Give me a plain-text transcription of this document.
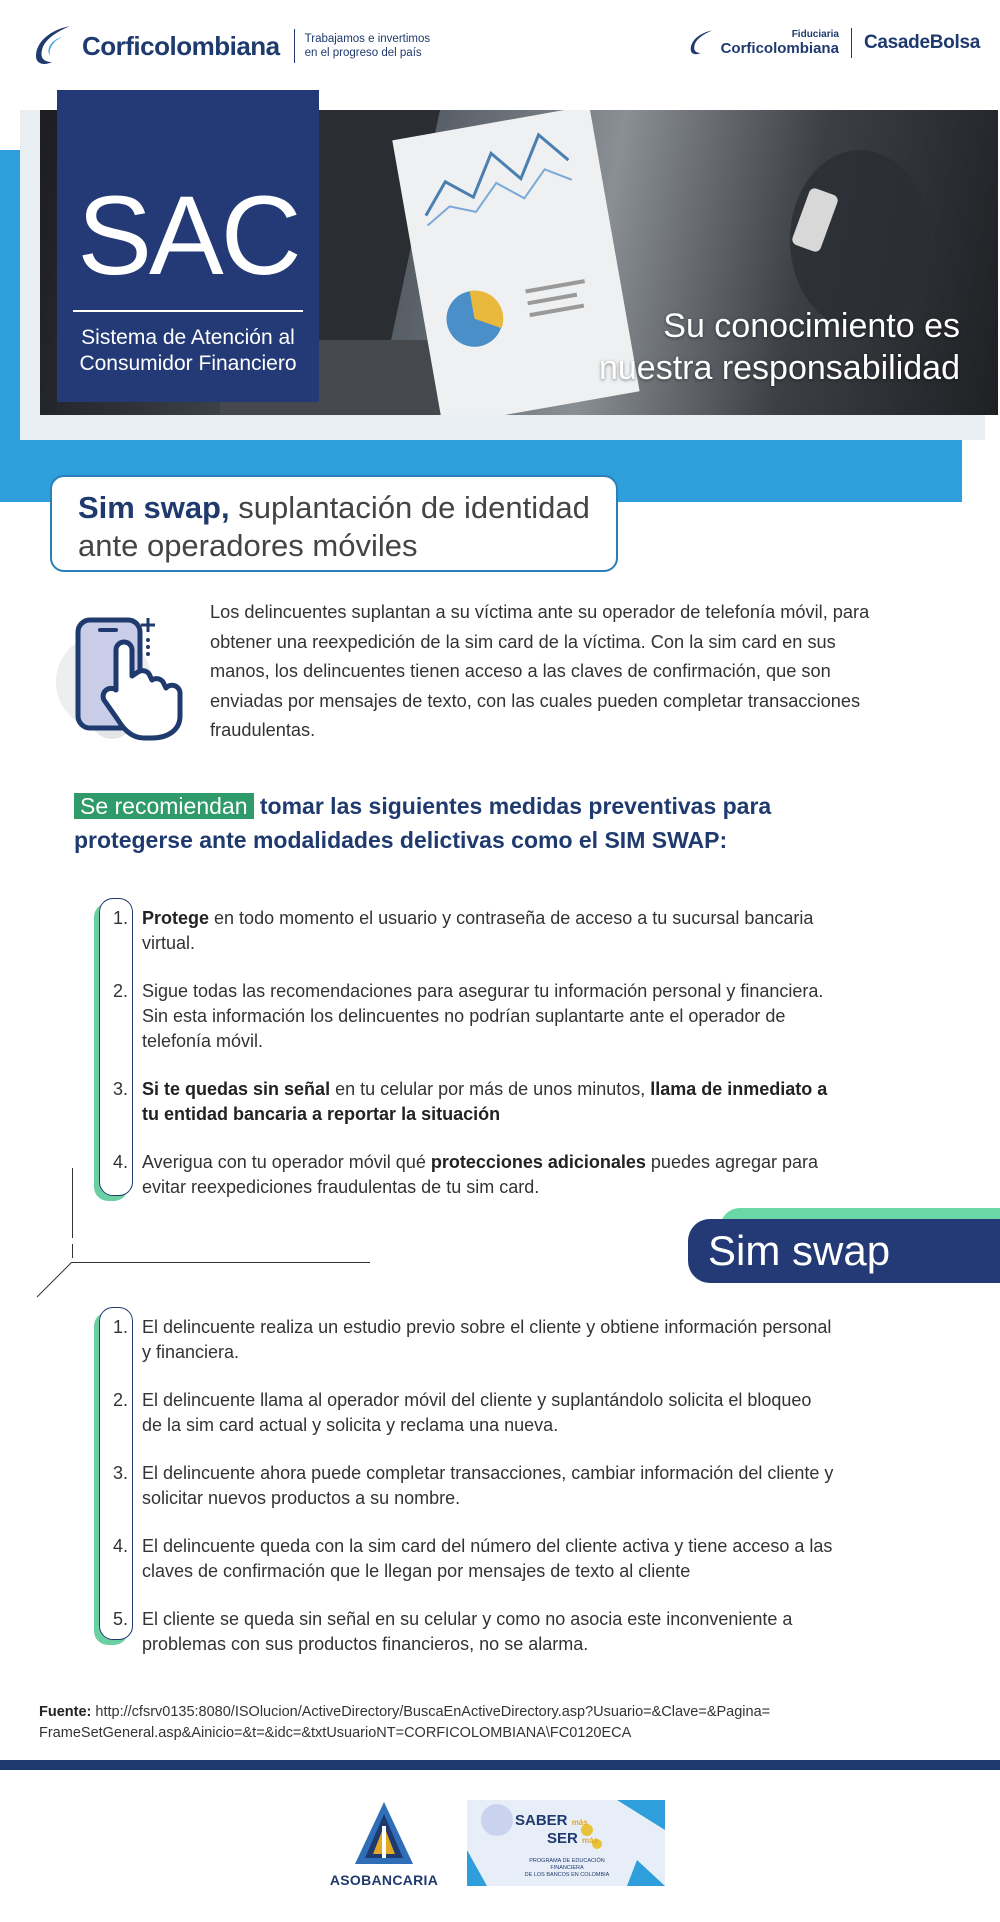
Corficolombiana Trabajamos e invertimos
en el progreso del país
Fiduciaria
Corficolombiana CasadeBolsa
SAC
Sistema de Atención al
Consumidor Financiero
Su conocimiento es
nuestra responsabilidad
Sim swap, suplantación de identidad
ante operadores móviles

Los delincuentes suplantan a su víctima ante su operador de telefonía móvil, para obtener una reexpedición de la sim card de la víctima. Con la sim card en sus manos, los delincuentes tienen acceso a las claves de confirmación, que son enviadas por mensajes de texto, con las cuales pueden completar transacciones fraudulentas.

Se recomiendan tomar las siguientes medidas preventivas para
protegerse ante modalidades delictivas como el SIM SWAP:
1. Protege en todo momento el usuario y contraseña de acceso a tu sucursal bancaria virtual.
2. Sigue todas las recomendaciones para asegurar tu información personal y financiera. Sin esta información los delincuentes no podrían suplantarte ante el operador de telefonía móvil.
3. Si te quedas sin señal en tu celular por más de unos minutos, llama de inmediato a tu entidad bancaria a reportar la situación
4. Averigua con tu operador móvil qué protecciones adicionales puedes agregar para evitar reexpediciones fraudulentas de tu sim card.
Sim swap
1. El delincuente realiza un estudio previo sobre el cliente y obtiene información personal y financiera.
2. El delincuente llama al operador móvil del cliente y suplantándolo solicita el bloqueo de la sim card actual y solicita y reclama una nueva.
3. El delincuente ahora puede completar transacciones, cambiar información del cliente y solicitar nuevos productos a su nombre.
4. El delincuente queda con la sim card del número del cliente activa y tiene acceso a las claves de confirmación que le llegan por mensajes de texto al cliente
5. El cliente se queda sin señal en su celular y como no asocia este inconveniente a problemas con sus productos financieros, no se alarma.
Fuente: http://cfsrv0135:8080/ISOlucion/ActiveDirectory/BuscaEnActiveDirectory.asp?Usuario=&Clave=&Pagina=
FrameSetGeneral.asp&Ainicio=&t=&idc=&txtUsuarioNT=CORFICOLOMBIANA\FC0120ECA
ASOBANCARIA
SABER más
SER más
PROGRAMA DE EDUCACIÓN FINANCIERA
DE LOS BANCOS EN COLOMBIA
